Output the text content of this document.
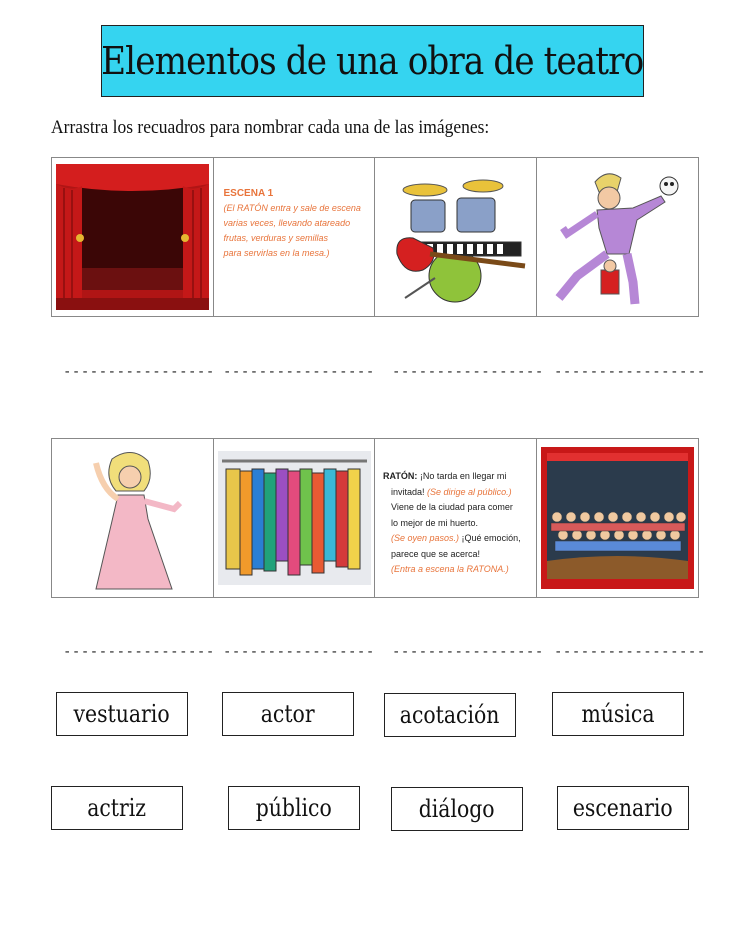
Elementos de una obra de teatro
Arrastra los recuadros para nombrar cada una de las imágenes:
ESCENA 1
(El RATÓN entra y sale de escena
varias veces, llevando atareado
frutas, verduras y semillas
para servirlas en la mesa.)
----------------- ----------------- ----------------- -----------------
RATÓN: ¡No tarda en llegar mi
invitada! (Se dirige al público.)
Viene de la ciudad para comer
lo mejor de mi huerto.
(Se oyen pasos.) ¡Qué emoción,
parece que se acerca!
(Entra a escena la RATONA.)
----------------- ----------------- ----------------- -----------------
vestuario	actor	acotación	música
actriz	público	diálogo	escenario
